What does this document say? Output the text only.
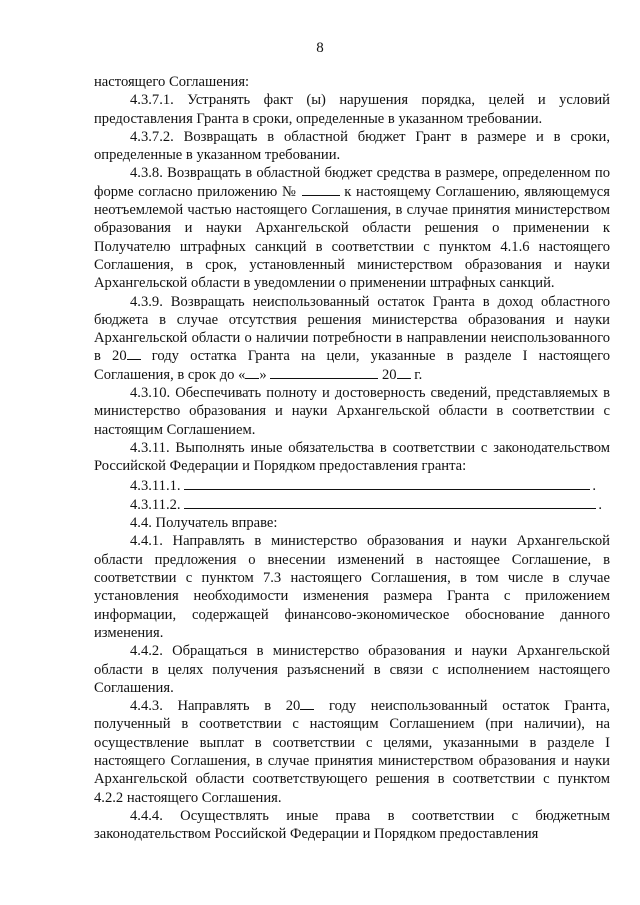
8

настоящего Соглашения:

4.3.7.1. Устранять факт (ы) нарушения порядка, целей и условий предоставления Гранта в сроки, определенные в указанном требовании.

4.3.7.2. Возвращать в областной бюджет Грант в размере и в сроки, определенные в указанном требовании.

4.3.8. Возвращать в областной бюджет средства в размере, определенном по форме согласно приложению №	к настоящему Соглашению, являющемуся неотъемлемой частью настоящего Соглашения, в случае принятия министерством образования и науки Архангельской области решения о применении к Получателю штрафных санкций в соответствии с пунктом 4.1.6 настоящего Соглашения, в срок, установленный министерством образования и науки Архангельской области в уведомлении о применении штрафных санкций.

4.3.9. Возвращать неиспользованный остаток Гранта в доход областного бюджета в случае отсутствия решения министерства образования и науки Архангельской области о наличии потребности в направлении неиспользованного в 20 году остатка Гранта на цели, указанные в разделе I настоящего Соглашения, в срок до « »	20 г.

4.3.10. Обеспечивать полноту и достоверность сведений, представляемых в министерство образования и науки Архангельской области в соответствии с настоящим Соглашением.

4.3.11. Выполнять иные обязательства в соответствии с законодательством Российской Федерации и Порядком предоставления гранта:

4.3.11.1.	.
4.3.11.2.	.

4.4. Получатель вправе:

4.4.1. Направлять в министерство образования и науки Архангельской области предложения о внесении изменений в настоящее Соглашение, в соответствии с пунктом 7.3 настоящего Соглашения, в том числе в случае установления необходимости изменения размера Гранта с приложением информации, содержащей финансово-экономическое обоснование данного изменения.

4.4.2. Обращаться в министерство образования и науки Архангельской области в целях получения разъяснений в связи с исполнением настоящего Соглашения.

4.4.3. Направлять в 20 году неиспользованный остаток Гранта, полученный в соответствии с настоящим Соглашением (при наличии), на осуществление выплат в соответствии с целями, указанными в разделе I настоящего Соглашения, в случае принятия министерством образования и науки Архангельской области соответствующего решения в соответствии с пунктом 4.2.2 настоящего Соглашения.

4.4.4. Осуществлять иные права в соответствии с бюджетным законодательством Российской Федерации и Порядком предоставления
